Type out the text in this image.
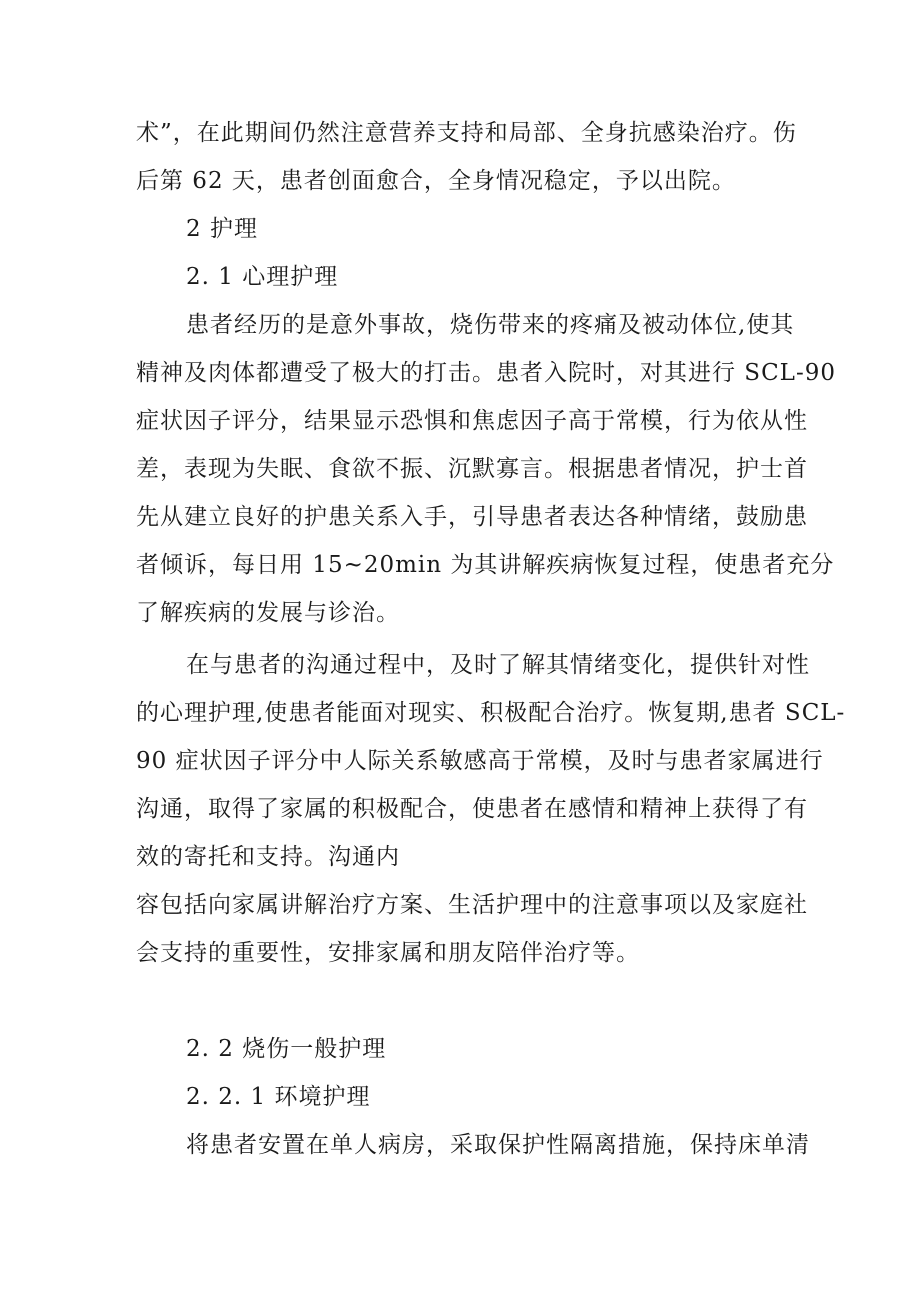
术”，在此期间仍然注意营养支持和局部、全身抗感染治疗。伤
后第 62 天，患者创面愈合，全身情况稳定，予以出院。
2 护理
2. 1 心理护理
患者经历的是意外事故，烧伤带来的疼痛及被动体位,使其
精神及肉体都遭受了极大的打击。患者入院时，对其进行 SCL-90
症状因子评分，结果显示恐惧和焦虑因子高于常模，行为依从性
差，表现为失眠、食欲不振、沉默寡言。根据患者情况，护士首
先从建立良好的护患关系入手，引导患者表达各种情绪，鼓励患
者倾诉，每日用 15~20min 为其讲解疾病恢复过程，使患者充分
了解疾病的发展与诊治。
在与患者的沟通过程中，及时了解其情绪变化，提供针对性
的心理护理,使患者能面对现实、积极配合治疗。恢复期,患者 SCL-
90 症状因子评分中人际关系敏感高于常模，及时与患者家属进行
沟通，取得了家属的积极配合，使患者在感情和精神上获得了有
效的寄托和支持。沟通内
容包括向家属讲解治疗方案、生活护理中的注意事项以及家庭社
会支持的重要性，安排家属和朋友陪伴治疗等。
2. 2 烧伤一般护理
2. 2. 1 环境护理
将患者安置在单人病房，采取保护性隔离措施，保持床单清
